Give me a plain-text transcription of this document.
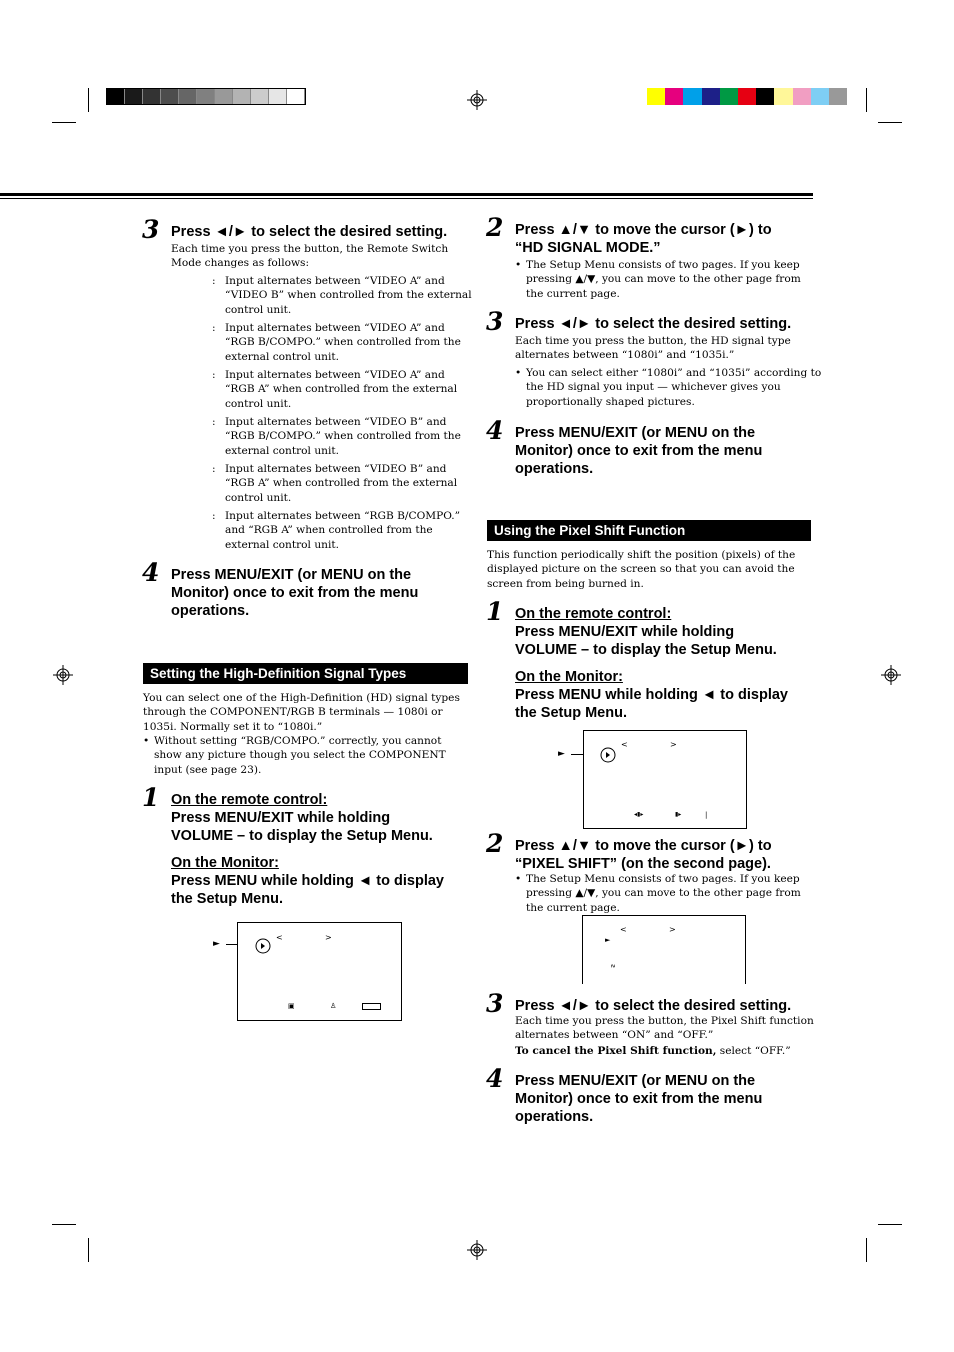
3 Press ◄/► to select the desired setting.
Each time you press the button, the Remote Switch
Mode changes as follows:
: Input alternates between “VIDEO A” and
“VIDEO B” when controlled from the external
control unit.
: Input alternates between “VIDEO A” and
“RGB B/COMPO.” when controlled from the
external control unit.
: Input alternates between “VIDEO A” and
“RGB A” when controlled from the external
control unit.
: Input alternates between “VIDEO B” and
“RGB B/COMPO.” when controlled from the
external control unit.
: Input alternates between “VIDEO B” and
“RGB A” when controlled from the external
control unit.
: Input alternates between “RGB B/COMPO.”
and “RGB A” when controlled from the
external control unit.
4 Press MENU/EXIT (or MENU on the
Monitor) once to exit from the menu
operations.
Setting the High-Definition Signal Types
You can select one of the High-Definition (HD) signal types
through the COMPONENT/RGB B terminals — 1080i or
1035i. Normally set it to “1080i.”
• Without setting “RGB/COMPO.” correctly, you cannot
show any picture though you select the COMPONENT
input (see page 23).
1 On the remote control:
Press MENU/EXIT while holding
VOLUME – to display the Setup Menu.
On the Monitor:
Press MENU while holding ◄ to display
the Setup Menu.
►
<	>
▣	♙
2 Press ▲/▼ to move the cursor (►) to
“HD SIGNAL MODE.”
• The Setup Menu consists of two pages. If you keep
pressing ▲/▼, you can move to the other page from
the current page.
3 Press ◄/► to select the desired setting.
Each time you press the button, the HD signal type
alternates between “1080i” and “1035i.”
• You can select either “1080i” and “1035i” according to
the HD signal you input — whichever gives you
proportionally shaped pictures.
4 Press MENU/EXIT (or MENU on the
Monitor) once to exit from the menu
operations.
Using the Pixel Shift Function
This function periodically shift the position (pixels) of the
displayed picture on the screen so that you can avoid the
screen from being burned in.
1 On the remote control:
Press MENU/EXIT while holding
VOLUME – to display the Setup Menu.
On the Monitor:
Press MENU while holding ◄ to display
the Setup Menu.
►
<	>
◂▮▸	▮▸	|
2 Press ▲/▼ to move the cursor (►) to
“PIXEL SHIFT” (on the second page).
• The Setup Menu consists of two pages. If you keep
pressing ▲/▼, you can move to the other page from
the current page.
<	>
►
ƨ
3 Press ◄/► to select the desired setting.
Each time you press the button, the Pixel Shift function
alternates between “ON” and “OFF.”
To cancel the Pixel Shift function, select “OFF.”
4 Press MENU/EXIT (or MENU on the
Monitor) once to exit from the menu
operations.
